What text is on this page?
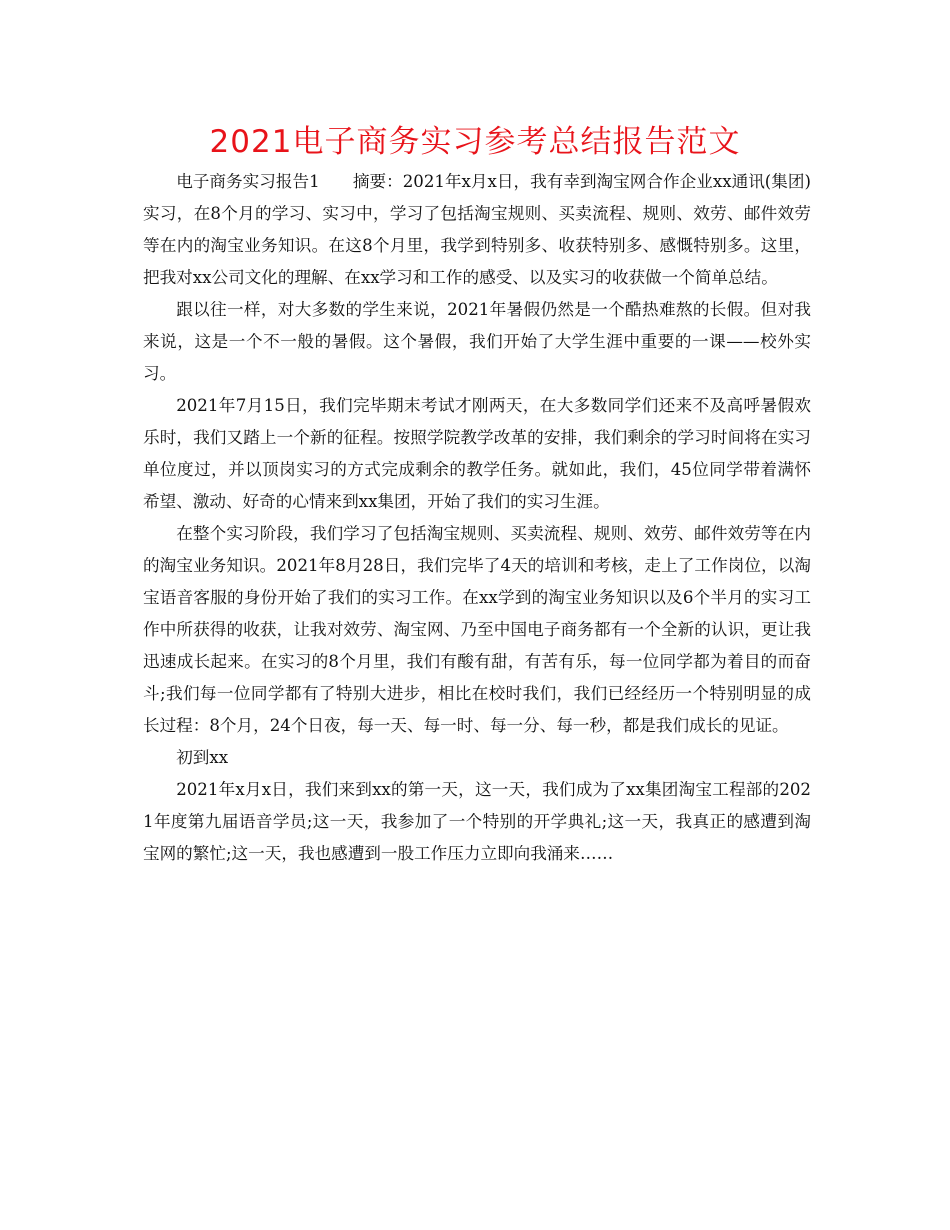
2021电子商务实习参考总结报告范文

电子商务实习报告1　　摘要：2021年x月x日，我有幸到淘宝网合作企业xx通讯(集团)实习，在8个月的学习、实习中，学习了包括淘宝规则、买卖流程、规则、效劳、邮件效劳等在内的淘宝业务知识。在这8个月里，我学到特别多、收获特别多、感慨特别多。这里，把我对xx公司文化的理解、在xx学习和工作的感受、以及实习的收获做一个简单总结。

跟以往一样，对大多数的学生来说，2021年暑假仍然是一个酷热难熬的长假。但对我来说，这是一个不一般的暑假。这个暑假，我们开始了大学生涯中重要的一课——校外实习。

2021年7月15日，我们完毕期末考试才刚两天，在大多数同学们还来不及高呼暑假欢乐时，我们又踏上一个新的征程。按照学院教学改革的安排，我们剩余的学习时间将在实习单位度过，并以顶岗实习的方式完成剩余的教学任务。就如此，我们，45位同学带着满怀希望、激动、好奇的心情来到xx集团，开始了我们的实习生涯。

在整个实习阶段，我们学习了包括淘宝规则、买卖流程、规则、效劳、邮件效劳等在内的淘宝业务知识。2021年8月28日，我们完毕了4天的培训和考核，走上了工作岗位，以淘宝语音客服的身份开始了我们的实习工作。在xx学到的淘宝业务知识以及6个半月的实习工作中所获得的收获，让我对效劳、淘宝网、乃至中国电子商务都有一个全新的认识，更让我迅速成长起来。在实习的8个月里，我们有酸有甜，有苦有乐，每一位同学都为着目的而奋斗;我们每一位同学都有了特别大进步，相比在校时我们，我们已经经历一个特别明显的成长过程：8个月，24个日夜，每一天、每一时、每一分、每一秒，都是我们成长的见证。

初到xx

2021年x月x日，我们来到xx的第一天，这一天，我们成为了xx集团淘宝工程部的2021年度第九届语音学员;这一天，我参加了一个特别的开学典礼;这一天，我真正的感遭到淘宝网的繁忙;这一天，我也感遭到一股工作压力立即向我涌来……
